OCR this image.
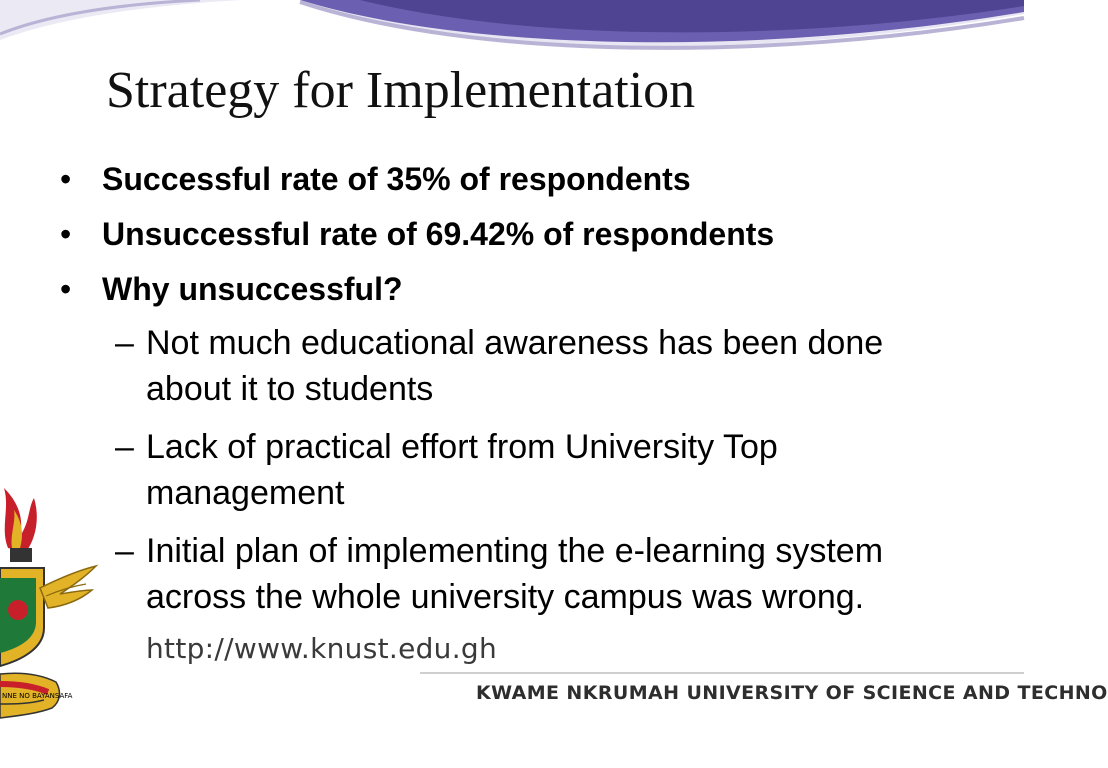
Strategy for Implementation
• Successful rate of 35% of respondents
• Unsuccessful rate of 69.42% of respondents
• Why unsuccessful?
– Not much educational awareness has been done about it to students
– Lack of practical effort from University Top management
– Initial plan of implementing the e-learning system across the whole university campus was wrong.
http://www.knust.edu.gh
KWAME NKRUMAH UNIVERSITY OF SCIENCE AND TECHNO
NNE NO BAYANSAFA
